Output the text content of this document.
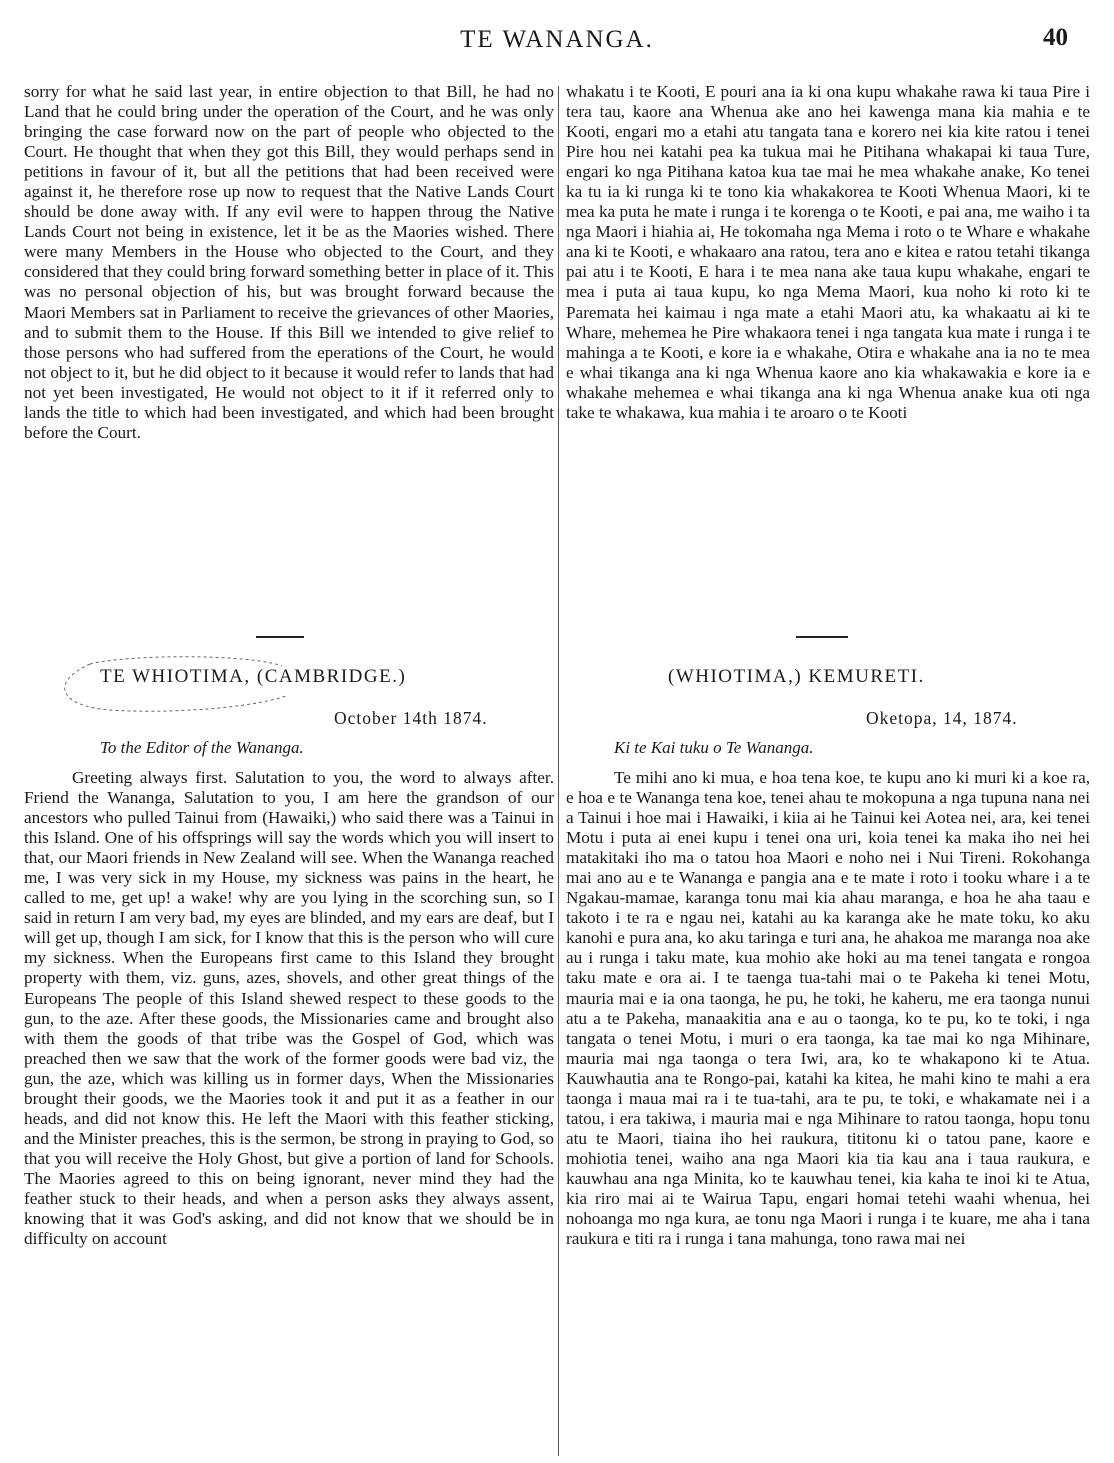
TE WANANGA.	40

sorry for what he said last year, in entire objection to that Bill, he had no Land that he could bring under the operation of the Court, and he was only bringing the case forward now on the part of people who objected to the Court. He thought that when they got this Bill, they would perhaps send in petitions in favour of it, but all the petitions that had been received were against it, he therefore rose up now to request that the Native Lands Court should be done away with. If any evil were to happen throug the Native Lands Court not being in existence, let it be as the Maories wished. There were many Members in the House who objected to the Court, and they considered that they could bring forward something better in place of it. This was no personal objection of his, but was brought forward because the Maori Members sat in Parliament to receive the grievances of other Maories, and to submit them to the House. If this Bill we intended to give relief to those persons who had suffered from the eperations of the Court, he would not object to it, but he did object to it because it would refer to lands that had not yet been investigated, He would not object to it if it referred only to lands the title to which had been investigated, and which had been brought before the Court.

whakatu i te Kooti, E pouri ana ia ki ona kupu whakahe rawa ki taua Pire i tera tau, kaore ana Whenua ake ano hei kawenga mana kia mahia e te Kooti, engari mo a etahi atu tangata tana e korero nei kia kite ratou i tenei Pire hou nei katahi pea ka tukua mai he Pitihana whakapai ki taua Ture, engari ko nga Pitihana katoa kua tae mai he mea whakahe anake, Ko tenei ka tu ia ki runga ki te tono kia whakakorea te Kooti Whenua Maori, ki te mea ka puta he mate i runga i te korenga o te Kooti, e pai ana, me waiho i ta nga Maori i hiahia ai, He tokomaha nga Mema i roto o te Whare e whakahe ana ki te Kooti, e whakaaro ana ratou, tera ano e kitea e ratou tetahi tikanga pai atu i te Kooti, E hara i te mea nana ake taua kupu whakahe, engari te mea i puta ai taua kupu, ko nga Mema Maori, kua noho ki roto ki te Paremata hei kaimau i nga mate a etahi Maori atu, ka whakaatu ai ki te Whare, mehemea he Pire whakaora tenei i nga tangata kua mate i runga i te mahinga a te Kooti, e kore ia e whakahe, Otira e whakahe ana ia no te mea e whai tikanga ana ki nga Whenua kaore ano kia whakawakia e kore ia e whakahe mehemea e whai tikanga ana ki nga Whenua anake kua oti nga take te whakawa, kua mahia i te aroaro o te Kooti

TE WHIOTIMA, (CAMBRIDGE.)
October 14th 1874.
To the Editor of the Wananga.
(WHIOTIMA,) KEMURETI.
Oketopa, 14, 1874.
Ki te Kai tuku o Te Wananga.

Greeting always first. Salutation to you, the word to always after. Friend the Wananga, Salutation to you, I am here the grandson of our ancestors who pulled Tainui from (Hawaiki,) who said there was a Tainui in this Island. One of his offsprings will say the words which you will insert to that, our Maori friends in New Zealand will see. When the Wananga reached me, I was very sick in my House, my sickness was pains in the heart, he called to me, get up! a wake! why are you lying in the scorching sun, so I said in return I am very bad, my eyes are blinded, and my ears are deaf, but I will get up, though I am sick, for I know that this is the person who will cure my sickness. When the Europeans first came to this Island they brought property with them, viz. guns, azes, shovels, and other great things of the Europeans The people of this Island shewed respect to these goods to the gun, to the aze. After these goods, the Missionaries came and brought also with them the goods of that tribe was the Gospel of God, which was preached then we saw that the work of the former goods were bad viz, the gun, the aze, which was killing us in former days, When the Missionaries brought their goods, we the Maories took it and put it as a feather in our heads, and did not know this. He left the Maori with this feather sticking, and the Minister preaches, this is the sermon, be strong in praying to God, so that you will receive the Holy Ghost, but give a portion of land for Schools. The Maories agreed to this on being ignorant, never mind they had the feather stuck to their heads, and when a person asks they always assent, knowing that it was God's asking, and did not know that we should be in difficulty on account

Te mihi ano ki mua, e hoa tena koe, te kupu ano ki muri ki a koe ra, e hoa e te Wananga tena koe, tenei ahau te mokopuna a nga tupuna nana nei a Tainui i hoe mai i Hawaiki, i kiia ai he Tainui kei Aotea nei, ara, kei tenei Motu i puta ai enei kupu i tenei ona uri, koia tenei ka maka iho nei hei matakitaki iho ma o tatou hoa Maori e noho nei i Nui Tireni. Rokohanga mai ano au e te Wananga e pangia ana e te mate i roto i tooku whare i a te Ngakau-mamae, karanga tonu mai kia ahau maranga, e hoa he aha taau e takoto i te ra e ngau nei, katahi au ka karanga ake he mate toku, ko aku kanohi e pura ana, ko aku taringa e turi ana, he ahakoa me maranga noa ake au i runga i taku mate, kua mohio ake hoki au ma tenei tangata e rongoa taku mate e ora ai. I te taenga tua-tahi mai o te Pakeha ki tenei Motu, mauria mai e ia ona taonga, he pu, he toki, he kaheru, me era taonga nunui atu a te Pakeha, manaakitia ana e au o taonga, ko te pu, ko te toki, i nga tangata o tenei Motu, i muri o era taonga, ka tae mai ko nga Mihinare, mauria mai nga taonga o tera Iwi, ara, ko te whakapono ki te Atua. Kauwhautia ana te Rongo-pai, katahi ka kitea, he mahi kino te mahi a era taonga i maua mai ra i te tua-tahi, ara te pu, te toki, e whakamate nei i a tatou, i era takiwa, i mauria mai e nga Mihinare to ratou taonga, hopu tonu atu te Maori, tiaina iho hei raukura, tititonu ki o tatou pane, kaore e mohiotia tenei, waiho ana nga Maori kia tia kau ana i taua raukura, e kauwhau ana nga Minita, ko te kauwhau tenei, kia kaha te inoi ki te Atua, kia riro mai ai te Wairua Tapu, engari homai tetehi waahi whenua, hei nohoanga mo nga kura, ae tonu nga Maori i runga i te kuare, me aha i tana raukura e titi ra i runga i tana mahunga, tono rawa mai nei
